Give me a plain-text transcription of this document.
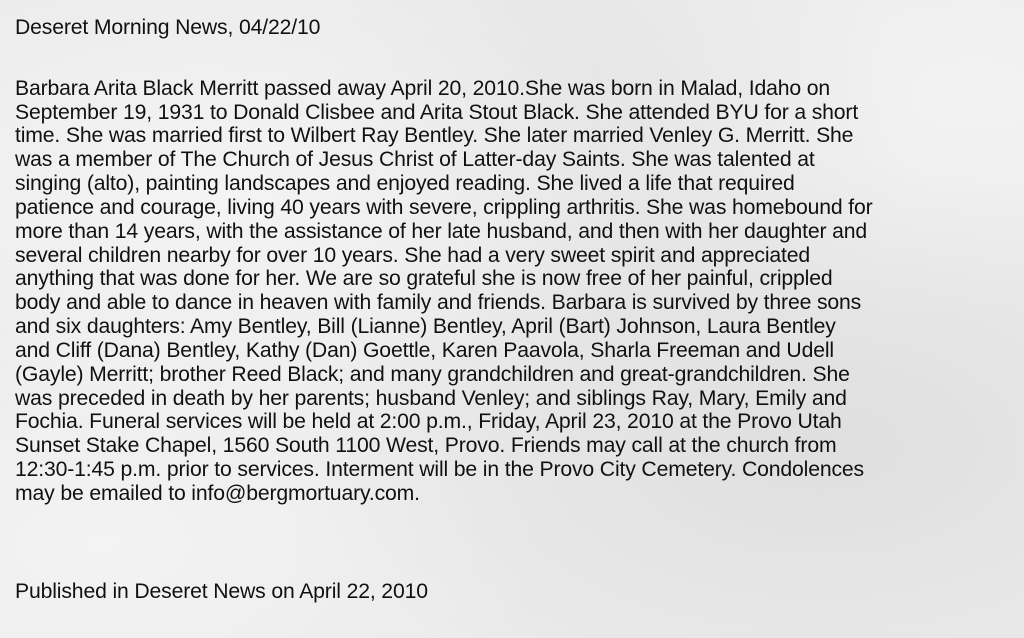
Deseret Morning News, 04/22/10
Barbara Arita Black Merritt passed away April 20, 2010.She was born in Malad, Idaho on
September 19, 1931 to Donald Clisbee and Arita Stout Black. She attended BYU for a short
time. She was married first to Wilbert Ray Bentley. She later married Venley G. Merritt. She
was a member of The Church of Jesus Christ of Latter-day Saints. She was talented at
singing (alto), painting landscapes and enjoyed reading. She lived a life that required
patience and courage, living 40 years with severe, crippling arthritis. She was homebound for
more than 14 years, with the assistance of her late husband, and then with her daughter and
several children nearby for over 10 years. She had a very sweet spirit and appreciated
anything that was done for her. We are so grateful she is now free of her painful, crippled
body and able to dance in heaven with family and friends. Barbara is survived by three sons
and six daughters: Amy Bentley, Bill (Lianne) Bentley, April (Bart) Johnson, Laura Bentley
and Cliff (Dana) Bentley, Kathy (Dan) Goettle, Karen Paavola, Sharla Freeman and Udell
(Gayle) Merritt; brother Reed Black; and many grandchildren and great-grandchildren. She
was preceded in death by her parents; husband Venley; and siblings Ray, Mary, Emily and
Fochia. Funeral services will be held at 2:00 p.m., Friday, April 23, 2010 at the Provo Utah
Sunset Stake Chapel, 1560 South 1100 West, Provo. Friends may call at the church from
12:30-1:45 p.m. prior to services. Interment will be in the Provo City Cemetery. Condolences
may be emailed to info@bergmortuary.com.
Published in Deseret News on April 22, 2010
